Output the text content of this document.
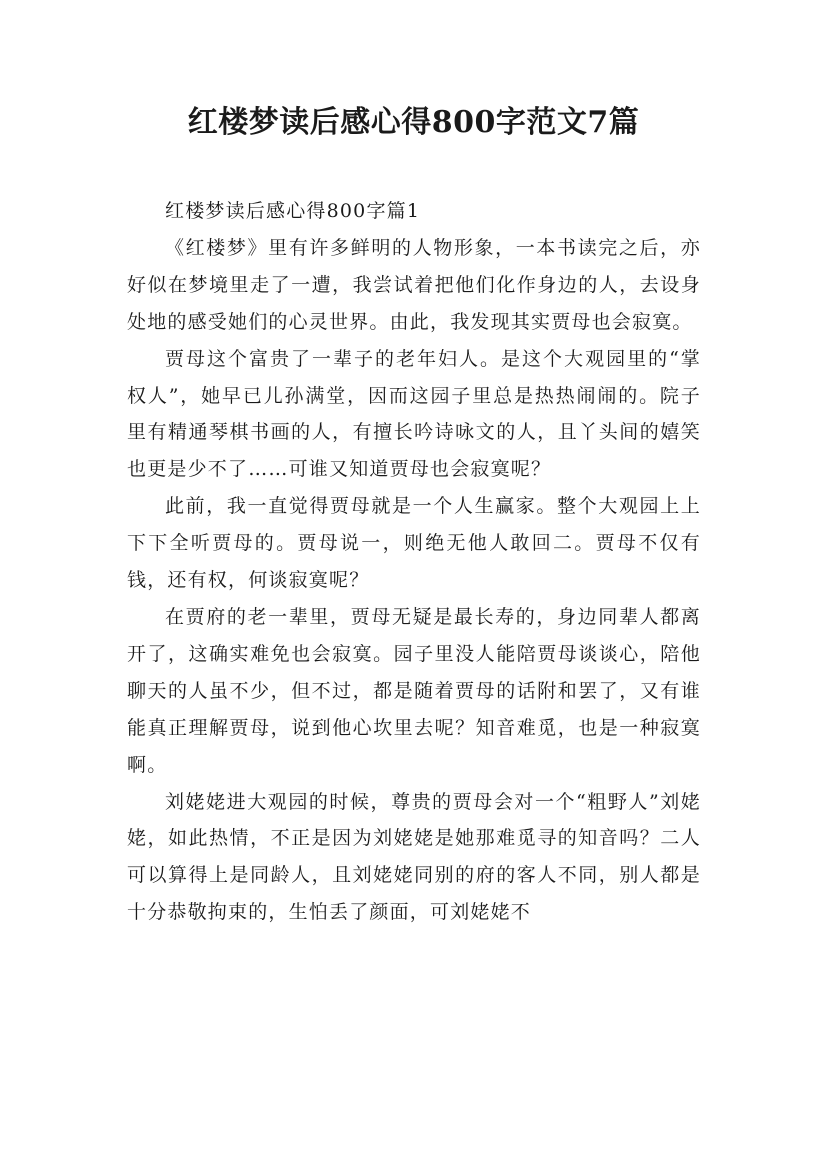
红楼梦读后感心得800字范文7篇

红楼梦读后感心得800字篇1

《红楼梦》里有许多鲜明的人物形象，一本书读完之后，亦好似在梦境里走了一遭，我尝试着把他们化作身边的人，去设身处地的感受她们的心灵世界。由此，我发现其实贾母也会寂寞。

贾母这个富贵了一辈子的老年妇人。是这个大观园里的“掌权人”，她早已儿孙满堂，因而这园子里总是热热闹闹的。院子里有精通琴棋书画的人，有擅长吟诗咏文的人，且丫头间的嬉笑也更是少不了……可谁又知道贾母也会寂寞呢？

此前，我一直觉得贾母就是一个人生赢家。整个大观园上上下下全听贾母的。贾母说一，则绝无他人敢回二。贾母不仅有钱，还有权，何谈寂寞呢？

在贾府的老一辈里，贾母无疑是最长寿的，身边同辈人都离开了，这确实难免也会寂寞。园子里没人能陪贾母谈谈心，陪他聊天的人虽不少，但不过，都是随着贾母的话附和罢了，又有谁能真正理解贾母，说到他心坎里去呢？知音难觅，也是一种寂寞啊。

刘姥姥进大观园的时候，尊贵的贾母会对一个“粗野人”刘姥姥，如此热情，不正是因为刘姥姥是她那难觅寻的知音吗？二人可以算得上是同龄人，且刘姥姥同别的府的客人不同，别人都是十分恭敬拘束的，生怕丢了颜面，可刘姥姥不
